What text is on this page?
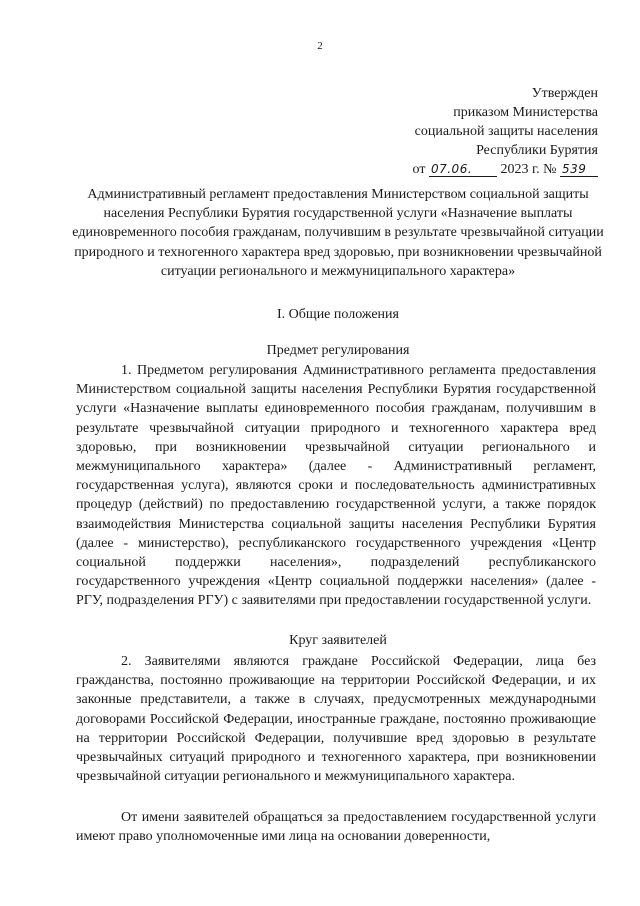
2
Утвержден
приказом Министерства
социальной защиты населения
Республики Бурятия
от 07.06. 2023 г. № 539
Административный регламент предоставления Министерством социальной защиты населения Республики Бурятия государственной услуги «Назначение выплаты единовременного пособия гражданам, получившим в результате чрезвычайной ситуации природного и техногенного характера вред здоровью, при возникновении чрезвычайной ситуации регионального и межмуниципального характера»
I. Общие положения
Предмет регулирования

1. Предметом регулирования Административного регламента предоставления Министерством социальной защиты населения Республики Бурятия государственной услуги «Назначение выплаты единовременного пособия гражданам, получившим в результате чрезвычайной ситуации природного и техногенного характера вред здоровью, при возникновении чрезвычайной ситуации регионального и межмуниципального характера» (далее - Административный регламент, государственная услуга), являются сроки и последовательность административных процедур (действий) по предоставлению государственной услуги, а также порядок взаимодействия Министерства социальной защиты населения Республики Бурятия (далее - министерство), республиканского государственного учреждения «Центр социальной поддержки населения», подразделений республиканского государственного учреждения «Центр социальной поддержки населения» (далее - РГУ, подразделения РГУ) с заявителями при предоставлении государственной услуги.

Круг заявителей

2. Заявителями являются граждане Российской Федерации, лица без гражданства, постоянно проживающие на территории Российской Федерации, и их законные представители, а также в случаях, предусмотренных международными договорами Российской Федерации, иностранные граждане, постоянно проживающие на территории Российской Федерации, получившие вред здоровью в результате чрезвычайных ситуаций природного и техногенного характера, при возникновении чрезвычайной ситуации регионального и межмуниципального характера.

От имени заявителей обращаться за предоставлением государственной услуги имеют право уполномоченные ими лица на основании доверенности,
